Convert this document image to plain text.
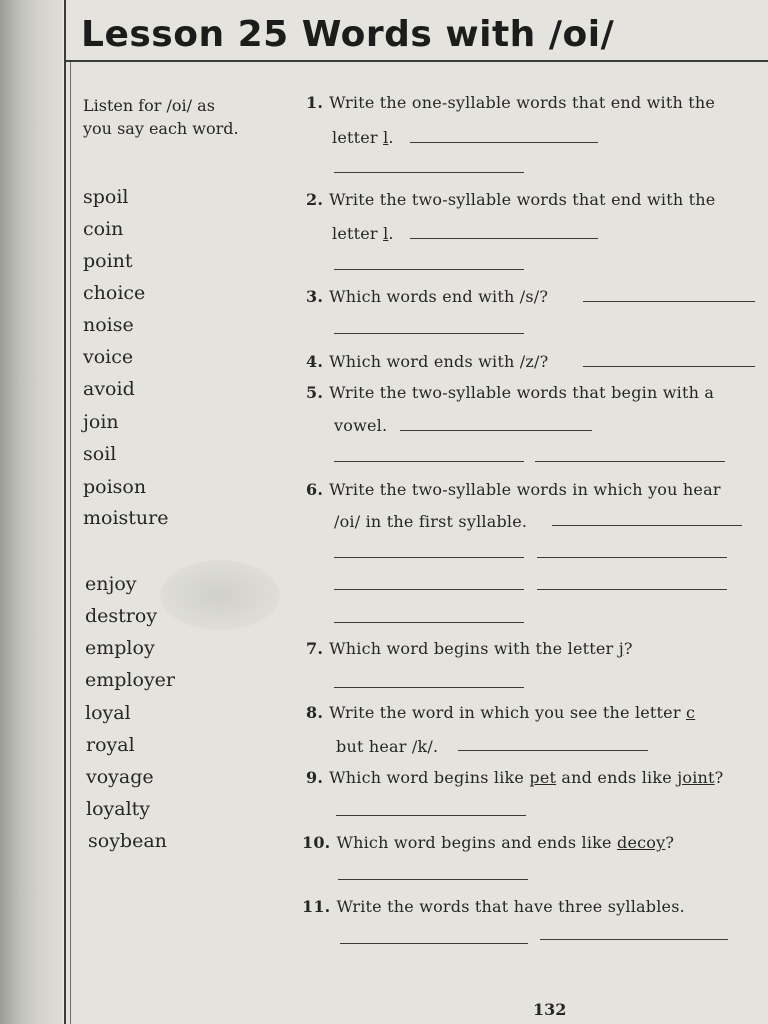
Lesson 25 Words with /oi/
Listen for /oi/ as you say each word.
spoil
coin
point
choice
noise
voice
avoid
join
soil
poison
moisture
enjoy
destroy
employ
employer
loyal
royal
voyage
loyalty
soybean
1. Write the one-syllable words that end with the
letter l.
2. Write the two-syllable words that end with the
letter l.
3. Which words end with /s/?
4. Which word ends with /z/?
5. Write the two-syllable words that begin with a
vowel.
6. Write the two-syllable words in which you hear
/oi/ in the first syllable.
7. Which word begins with the letter j?
8. Write the word in which you see the letter c
but hear /k/.
9. Which word begins like pet and ends like joint?
10. Which word begins and ends like decoy?
11. Write the words that have three syllables.
132
